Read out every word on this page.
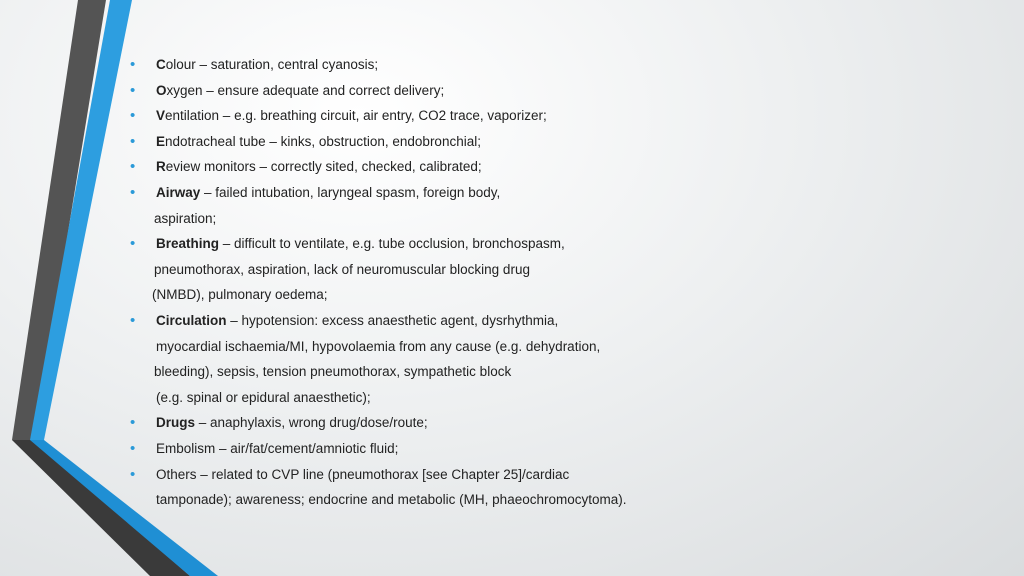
• Colour – saturation, central cyanosis;
• Oxygen – ensure adequate and correct delivery;
• Ventilation – e.g. breathing circuit, air entry, CO2 trace, vaporizer;
• Endotracheal tube – kinks, obstruction, endobronchial;
• Review monitors – correctly sited, checked, calibrated;
• Airway – failed intubation, laryngeal spasm, foreign body,
aspiration;
• Breathing – difficult to ventilate, e.g. tube occlusion, bronchospasm,
pneumothorax, aspiration, lack of neuromuscular blocking drug
(NMBD), pulmonary oedema;
• Circulation – hypotension: excess anaesthetic agent, dysrhythmia,
myocardial ischaemia/MI, hypovolaemia from any cause (e.g. dehydration,
bleeding), sepsis, tension pneumothorax, sympathetic block
(e.g. spinal or epidural anaesthetic);
• Drugs – anaphylaxis, wrong drug/dose/route;
• Embolism – air/fat/cement/amniotic fluid;
• Others – related to CVP line (pneumothorax [see Chapter 25]/cardiac
tamponade); awareness; endocrine and metabolic (MH, phaeochromocytoma).
